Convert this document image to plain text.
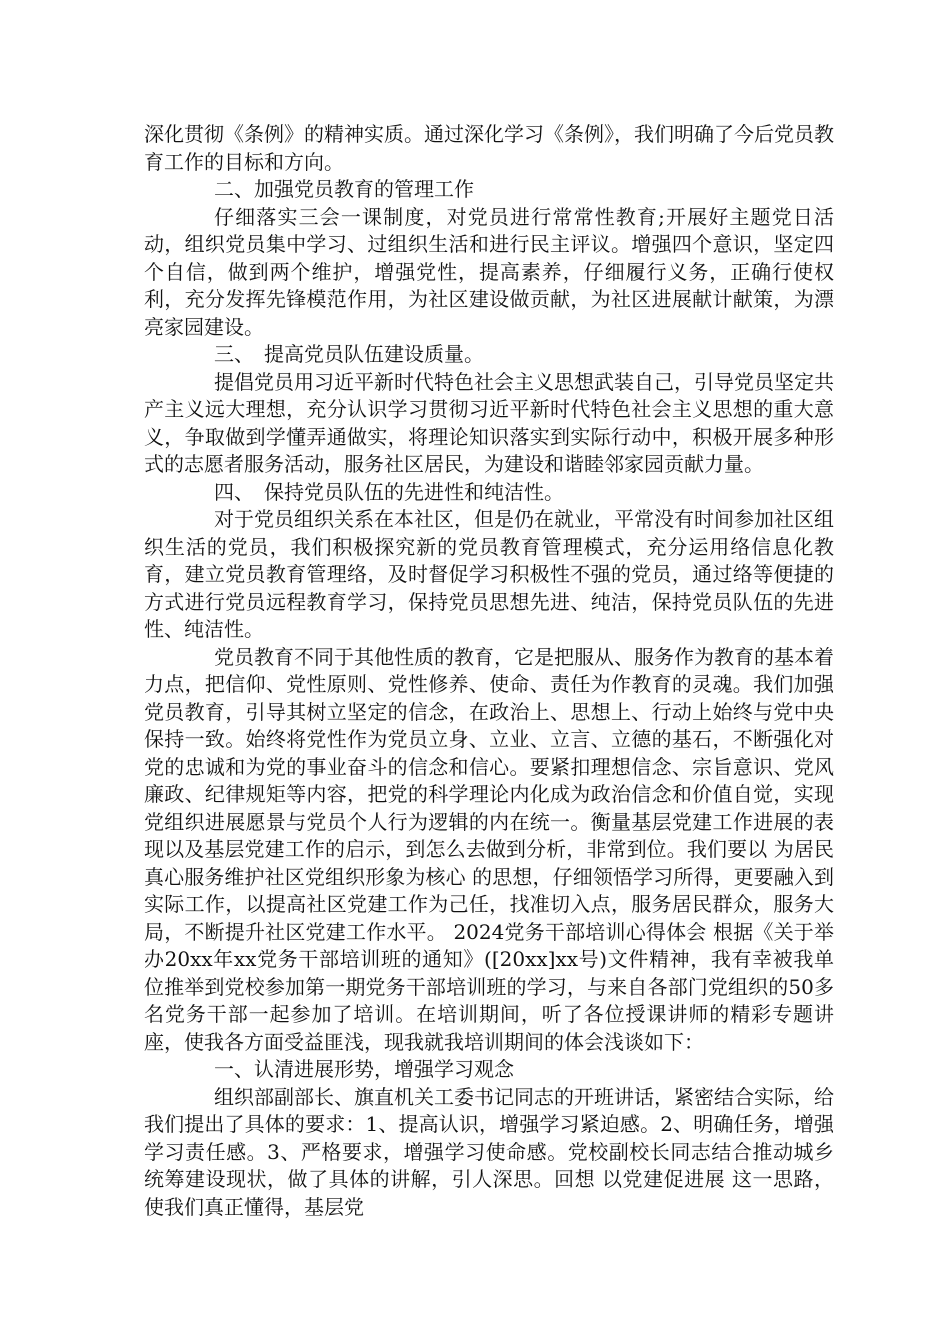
深化贯彻《条例》的精神实质。通过深化学习《条例》，我们明确了今后党员教育工作的目标和方向。

二、加强党员教育的管理工作

仔细落实三会一课制度，对党员进行常常性教育;开展好主题党日活动，组织党员集中学习、过组织生活和进行民主评议。增强四个意识，坚定四个自信，做到两个维护，增强党性，提高素养，仔细履行义务，正确行使权利，充分发挥先锋模范作用，为社区建设做贡献，为社区进展献计献策，为漂亮家园建设。

三、　提高党员队伍建设质量。

提倡党员用习近平新时代特色社会主义思想武装自己，引导党员坚定共产主义远大理想，充分认识学习贯彻习近平新时代特色社会主义思想的重大意义，争取做到学懂弄通做实，将理论知识落实到实际行动中，积极开展多种形式的志愿者服务活动，服务社区居民，为建设和谐睦邻家园贡献力量。

四、　保持党员队伍的先进性和纯洁性。

对于党员组织关系在本社区，但是仍在就业，平常没有时间参加社区组织生活的党员，我们积极探究新的党员教育管理模式，充分运用络信息化教育，建立党员教育管理络，及时督促学习积极性不强的党员，通过络等便捷的方式进行党员远程教育学习，保持党员思想先进、纯洁，保持党员队伍的先进性、纯洁性。

党员教育不同于其他性质的教育，它是把服从、服务作为教育的基本着力点，把信仰、党性原则、党性修养、使命、责任为作教育的灵魂。我们加强党员教育，引导其树立坚定的信念，在政治上、思想上、行动上始终与党中央保持一致。始终将党性作为党员立身、立业、立言、立德的基石，不断强化对党的忠诚和为党的事业奋斗的信念和信心。要紧扣理想信念、宗旨意识、党风廉政、纪律规矩等内容，把党的科学理论内化成为政治信念和价值自觉，实现党组织进展愿景与党员个人行为逻辑的内在统一。衡量基层党建工作进展的表现以及基层党建工作的启示，到怎么去做到分析，非常到位。我们要以 为居民真心服务维护社区党组织形象为核心 的思想，仔细领悟学习所得，更要融入到实际工作，以提高社区党建工作为己任，找准切入点，服务居民群众，服务大局，不断提升社区党建工作水平。 2024党务干部培训心得体会 根据《关于举办20xx年xx党务干部培训班的通知》([20xx]xx号)文件精神，我有幸被我单位推举到党校参加第一期党务干部培训班的学习，与来自各部门党组织的50多名党务干部一起参加了培训。在培训期间，听了各位授课讲师的精彩专题讲座，使我各方面受益匪浅，现我就我培训期间的体会浅谈如下：

一、认清进展形势，增强学习观念

组织部副部长、旗直机关工委书记同志的开班讲话，紧密结合实际，给我们提出了具体的要求：1、提高认识，增强学习紧迫感。2、明确任务，增强学习责任感。3、严格要求，增强学习使命感。党校副校长同志结合推动城乡统筹建设现状，做了具体的讲解，引人深思。回想 以党建促进展 这一思路，使我们真正懂得，基层党
